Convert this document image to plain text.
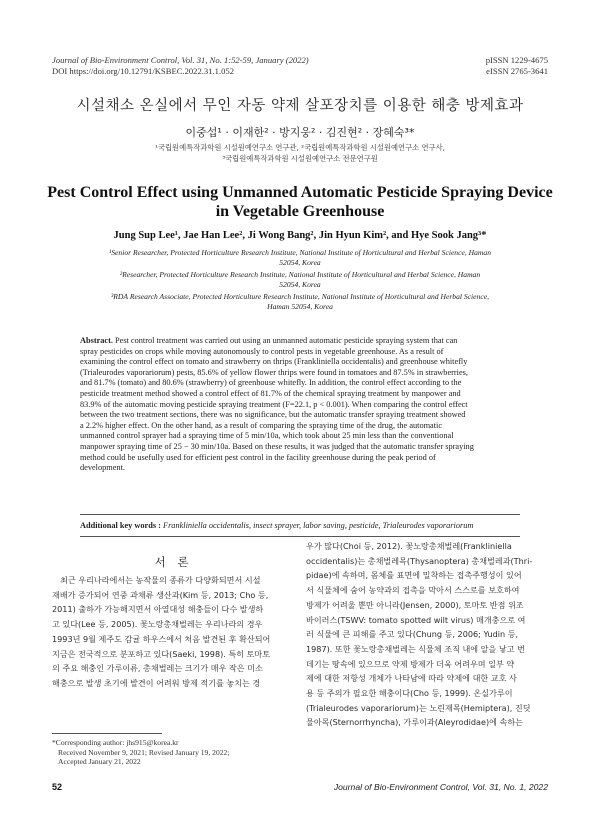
Journal of Bio-Environment Control, Vol. 31, No. 1:52-59, January (2022)
DOI https://doi.org/10.12791/KSBEC.2022.31.1.052
pISSN 1229-4675
eISSN 2765-3641
시설채소 온실에서 무인 자동 약제 살포장치를 이용한 해충 방제효과
이중섭¹ · 이재한² · 방지웅² · 김진현² · 장혜숙³*
¹국립원예특작과학원 시설원예연구소 연구관, ²국립원예특작과학원 시설원예연구소 연구사,
³국립원예특작과학원 시설원예연구소 전문연구원
Pest Control Effect using Unmanned Automatic Pesticide Spraying Device
in Vegetable Greenhouse
Jung Sup Lee¹, Jae Han Lee², Ji Wong Bang², Jin Hyun Kim², and Hye Sook Jang³*
¹Senior Researcher, Protected Horticulture Research Institute, National Institute of Horticultural and Herbal Science, Haman
52054, Korea
²Researcher, Protected Horticulture Research Institute, National Institute of Horticultural and Herbal Science, Haman
52054, Korea
³RDA Research Associate, Protected Horticulture Research Institute, National Institute of Horticultural and Herbal Science,
Haman 52054, Korea
Abstract. Pest control treatment was carried out using an unmanned automatic pesticide spraying system that can
spray pesticides on crops while moving autonomously to control pests in vegetable greenhouse. As a result of
examining the control effect on tomato and strawberry on thrips (Frankliniella occidentalis) and greenhouse whitefly
(Trialeurodes vaporariorum) pests, 85.6% of yellow flower thrips were found in tomatoes and 87.5% in strawberries,
and 81.7% (tomato) and 80.6% (strawberry) of greenhouse whitefly. In addition, the control effect according to the
pesticide treatment method showed a control effect of 81.7% of the chemical spraying treatment by manpower and
83.9% of the automatic moving pesticide spraying treatment (F=22.1, p < 0.001). When comparing the control effect
between the two treatment sections, there was no significance, but the automatic transfer spraying treatment showed
a 2.2% higher effect. On the other hand, as a result of comparing the spraying time of the drug, the automatic
unmanned control sprayer had a spraying time of 5 min/10a, which took about 25 min less than the conventional
manpower spraying time of 25 − 30 min/10a. Based on these results, it was judged that the automatic transfer spraying
method could be usefully used for efficient pest control in the facility greenhouse during the peak period of
development.
Additional key words : Frankliniella occidentalis, insect sprayer, labor saving, pesticide, Trialeurodes vaporariorum
서 론
최근 우리나라에서는 농작물의 종류가 다양화되면서 시설
재배가 증가되어 연중 과채류 생산과(Kim 등, 2013; Cho 등,
2011) 출하가 가능해지면서 아열대성 해충들이 다수 발생하
고 있다(Lee 등, 2005). 꽃노랑총채벌레는 우리나라의 경우
1993년 9월 제주도 감귤 하우스에서 처음 발견된 후 확산되어
지금은 전국적으로 분포하고 있다(Saeki, 1998). 특히 토마토
의 주요 해충인 가루이류, 총채벌레는 크기가 매우 작은 미소
해충으로 발생 초기에 발견이 어려워 방제 적기를 놓치는 경
우가 많다(Choi 등, 2012). 꽃노랑총채벌레(Frankliniella
occidentalis)는 총채벌레목(Thysanoptera) 총채벌레과(Thri-
pidae)에 속하며, 몸체를 표면에 밀착하는 접촉주행성이 있어
서 식물체에 숨어 농약과의 접촉을 막아서 스스로를 보호하여
방제가 어려울 뿐만 아니라(Jensen, 2000), 토마토 반점 위조
바이러스(TSWV: tomato spotted wilt virus) 매개충으로 여
러 식물에 큰 피해를 주고 있다(Chung 등, 2006; Yudin 등,
1987). 또한 꽃노랑총채벌레는 식물체 조직 내에 알을 낳고 번
데기는 땅속에 있으므로 약제 방제가 더욱 어려우며 일부 약
제에 대한 저항성 개체가 나타남에 따라 약제에 대한 교호 사
용 등 주의가 필요한 해충이다(Cho 등, 1999). 온실가루이
(Trialeurodes vaporariorum)는 노린재목(Hemiptera), 진딧
물아목(Sternorrhyncha), 가루이과(Aleyrodidae)에 속하는
*Corresponding author: jhs915@korea.kr
Received November 9, 2021; Revised January 19, 2022;
Accepted January 21, 2022
52	Journal of Bio-Environment Control, Vol. 31, No. 1, 2022
